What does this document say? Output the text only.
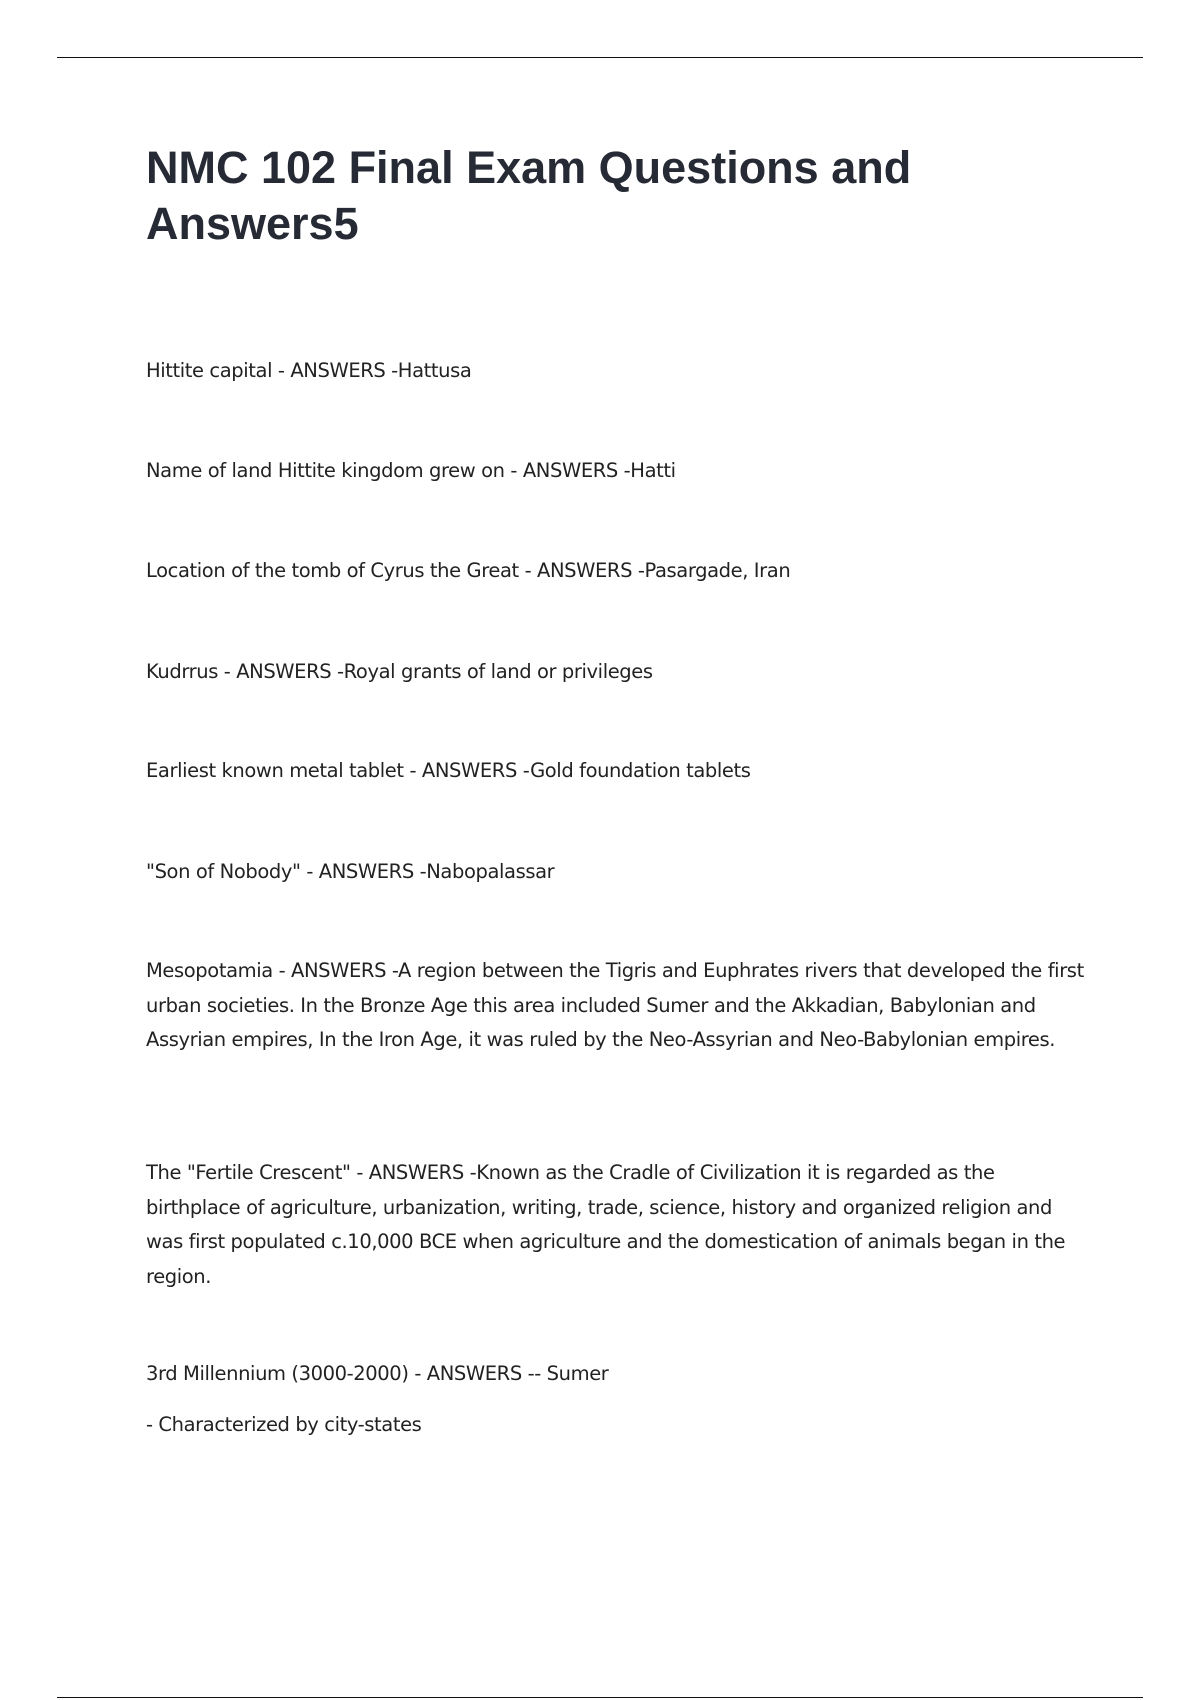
NMC 102 Final Exam Questions and Answers5

Hittite capital - ANSWERS -Hattusa

Name of land Hittite kingdom grew on - ANSWERS -Hatti

Location of the tomb of Cyrus the Great - ANSWERS -Pasargade, Iran

Kudrrus - ANSWERS -Royal grants of land or privileges

Earliest known metal tablet - ANSWERS -Gold foundation tablets

"Son of Nobody" - ANSWERS -Nabopalassar

Mesopotamia - ANSWERS -A region between the Tigris and Euphrates rivers that developed the first urban societies. In the Bronze Age this area included Sumer and the Akkadian, Babylonian and Assyrian empires, In the Iron Age, it was ruled by the Neo-Assyrian and Neo-Babylonian empires.

The "Fertile Crescent" - ANSWERS -Known as the Cradle of Civilization it is regarded as the birthplace of agriculture, urbanization, writing, trade, science, history and organized religion and was first populated c.10,000 BCE when agriculture and the domestication of animals began in the region.

3rd Millennium (3000-2000) - ANSWERS -- Sumer

- Characterized by city-states
